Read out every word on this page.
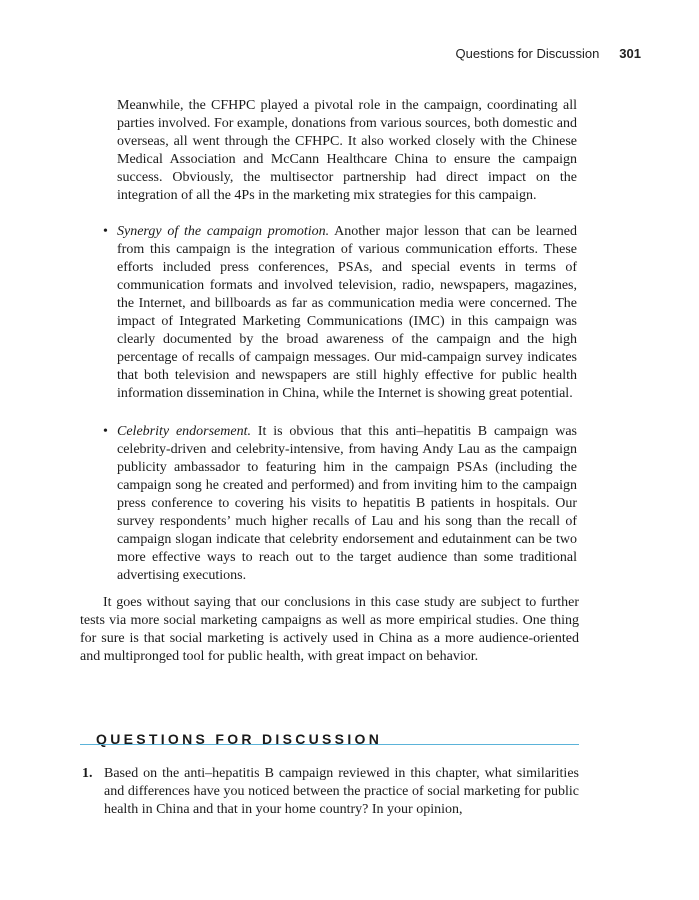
Questions for Discussion 301
Meanwhile, the CFHPC played a pivotal role in the campaign, coordinating all parties involved. For example, donations from various sources, both domestic and overseas, all went through the CFHPC. It also worked closely with the Chinese Medical Association and McCann Healthcare China to ensure the campaign success. Obviously, the multisector partnership had direct impact on the integration of all the 4Ps in the marketing mix strategies for this campaign.
• Synergy of the campaign promotion. Another major lesson that can be learned from this campaign is the integration of various communication efforts. These efforts included press conferences, PSAs, and special events in terms of communication formats and involved television, radio, newspapers, magazines, the Internet, and billboards as far as communication media were concerned. The impact of Integrated Marketing Communications (IMC) in this campaign was clearly documented by the broad awareness of the campaign and the high percentage of recalls of campaign messages. Our mid-campaign survey indicates that both television and newspapers are still highly effective for public health information dissemination in China, while the Internet is showing great potential.
• Celebrity endorsement. It is obvious that this anti–hepatitis B campaign was celebrity-driven and celebrity-intensive, from having Andy Lau as the campaign publicity ambassador to featuring him in the campaign PSAs (including the campaign song he created and performed) and from inviting him to the campaign press conference to covering his visits to hepatitis B patients in hospitals. Our survey respondents’ much higher recalls of Lau and his song than the recall of campaign slogan indicate that celebrity endorsement and edutainment can be two more effective ways to reach out to the target audience than some traditional advertising executions.
It goes without saying that our conclusions in this case study are subject to further tests via more social marketing campaigns as well as more empirical studies. One thing for sure is that social marketing is actively used in China as a more audience-oriented and multipronged tool for public health, with great impact on behavior.
QUESTIONS FOR DISCUSSION
1. Based on the anti–hepatitis B campaign reviewed in this chapter, what similarities and differences have you noticed between the practice of social marketing for public health in China and that in your home country? In your opinion,
